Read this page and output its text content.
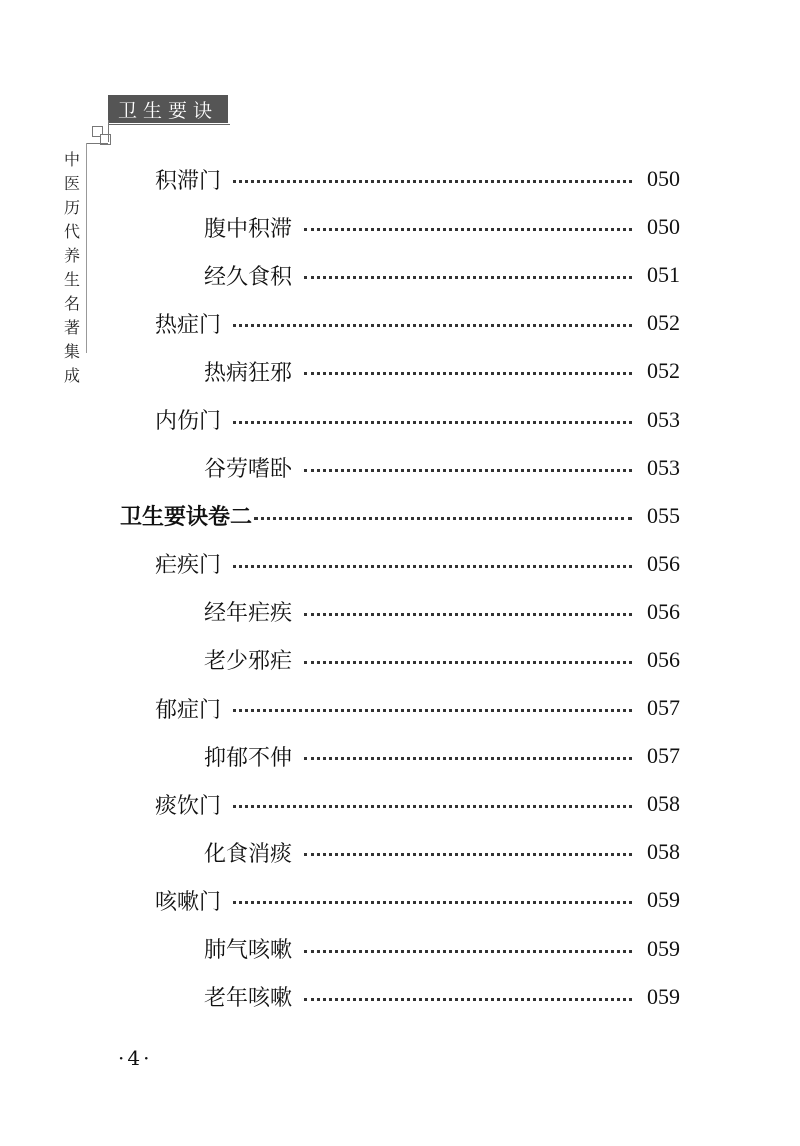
卫生要诀
中
医
历
代
养
生
名
著
集
成
积滞门	050
腹中积滞	050
经久食积	051
热症门	052
热病狂邪	052
内伤门	053
谷劳嗜卧	053
卫生要诀卷二	055
疟疾门	056
经年疟疾	056
老少邪疟	056
郁症门	057
抑郁不伸	057
痰饮门	058
化食消痰	058
咳嗽门	059
肺气咳嗽	059
老年咳嗽	059
·4·
